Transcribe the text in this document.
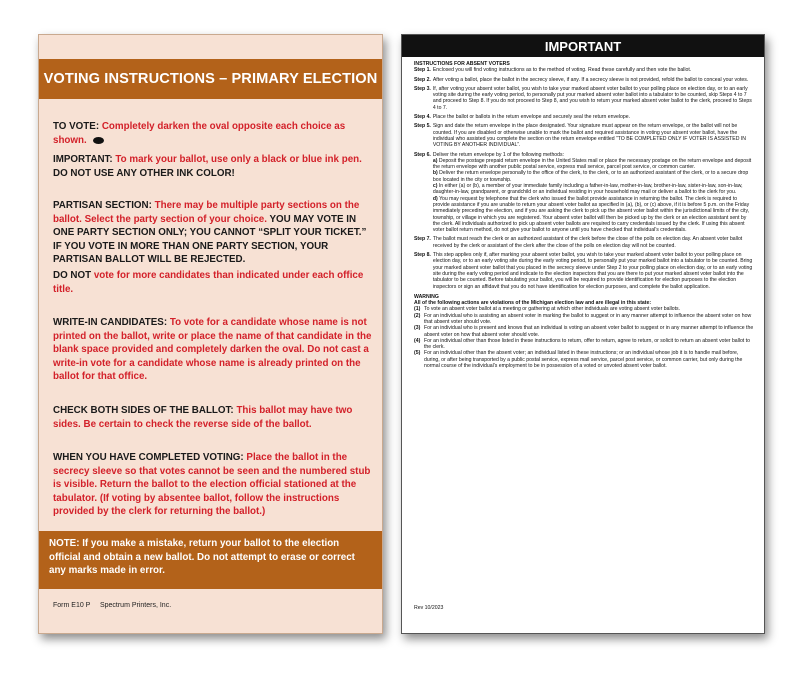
VOTING INSTRUCTIONS – PRIMARY ELECTION
TO VOTE: Completely darken the oval opposite each choice as shown.
IMPORTANT: To mark your ballot, use only a black or blue ink pen. DO NOT USE ANY OTHER INK COLOR!
PARTISAN SECTION: There may be multiple party sections on the ballot. Select the party section of your choice. YOU MAY VOTE IN ONE PARTY SECTION ONLY; YOU CANNOT “SPLIT YOUR TICKET.” IF YOU VOTE IN MORE THAN ONE PARTY SECTION, YOUR PARTISAN BALLOT WILL BE REJECTED.
DO NOT vote for more candidates than indicated under each office title.
WRITE-IN CANDIDATES: To vote for a candidate whose name is not printed on the ballot, write or place the name of that candidate in the blank space provided and completely darken the oval. Do not cast a write-in vote for a candidate whose name is already printed on the ballot for that office.
CHECK BOTH SIDES OF THE BALLOT: This ballot may have two sides. Be certain to check the reverse side of the ballot.
WHEN YOU HAVE COMPLETED VOTING: Place the ballot in the secrecy sleeve so that votes cannot be seen and the numbered stub is visible. Return the ballot to the election official stationed at the tabulator. (If voting by absentee ballot, follow the instructions provided by the clerk for returning the ballot.)
NOTE: If you make a mistake, return your ballot to the election official and obtain a new ballot. Do not attempt to erase or correct any marks made in error.
Form E10 P Spectrum Printers, Inc.
IMPORTANT
INSTRUCTIONS FOR ABSENT VOTERS
Step 1. Enclosed you will find voting instructions as to the method of voting. Read these carefully and then vote the ballot.
Step 2. After voting a ballot, place the ballot in the secrecy sleeve, if any. If a secrecy sleeve is not provided, refold the ballot to conceal your votes.
Step 3. If, after voting your absent voter ballot, you wish to take your marked absent voter ballot to your polling place on election day, or to an early voting site during the early voting period, to personally put your marked absent voter ballot into a tabulator to be counted, skip Steps 4 to 7 and proceed to Step 8. If you do not proceed to Step 8, and you wish to return your marked absent voter ballot to the clerk, proceed to Steps 4 to 7.
Step 4. Place the ballot or ballots in the return envelope and securely seal the return envelope.
Step 5. Sign and date the return envelope in the place designated. Your signature must appear on the return envelope, or the ballot will not be counted. If you are disabled or otherwise unable to mark the ballot and required assistance in voting your absent voter ballot, have the individual who assisted you complete the section on the return envelope entitled “TO BE COMPLETED ONLY IF VOTER IS ASSISTED IN VOTING BY ANOTHER INDIVIDUAL”.
Step 6. Deliver the return envelope by 1 of the following methods:
a) Deposit the postage prepaid return envelope in the United States mail or place the necessary postage on the return envelope and deposit the return envelope with another public postal service, express mail service, parcel post service, or common carrier.
b) Deliver the return envelope personally to the office of the clerk, to the clerk, or to an authorized assistant of the clerk, or to a secure drop box located in the city or township.
c) In either (a) or (b), a member of your immediate family including a father-in-law, mother-in-law, brother-in-law, sister-in-law, son-in-law, daughter-in-law, grandparent, or grandchild or an individual residing in your household may mail or deliver a ballot to the clerk for you.
d) You may request by telephone that the clerk who issued the ballot provide assistance in returning the ballot. The clerk is required to provide assistance if you are unable to return your absent voter ballot as specified in (a), (b), or (c) above, if it is before 5 p.m. on the Friday immediately preceding the election, and if you are asking the clerk to pick up the absent voter ballot within the jurisdictional limits of the city, township, or village in which you are registered. Your absent voter ballot will then be picked up by the clerk or an election assistant sent by the clerk. All individuals authorized to pick up absent voter ballots are required to carry credentials issued by the clerk. If using this absent voter ballot return method, do not give your ballot to anyone until you have checked that individual’s credentials.
Step 7. The ballot must reach the clerk or an authorized assistant of the clerk before the close of the polls on election day. An absent voter ballot received by the clerk or assistant of the clerk after the close of the polls on election day will not be counted.
Step 8. This step applies only if, after marking your absent voter ballot, you wish to take your marked absent voter ballot to your polling place on election day, or to an early voting site during the early voting period, to personally put your marked ballot into a tabulator to be counted. Bring your marked absent voter ballot that you placed in the secrecy sleeve under Step 2 to your polling place on election day, or to an early voting site during the early voting period and indicate to the election inspectors that you are there to put your marked absent voter ballot into the tabulator to be counted. Before tabulating your ballot, you will be required to provide identification for election purposes to the election inspectors or sign an affidavit that you do not have identification for election purposes, and complete the ballot application.
WARNING
All of the following actions are violations of the Michigan election law and are illegal in this state:
(1) To vote an absent voter ballot at a meeting or gathering at which other individuals are voting absent voter ballots.
(2) For an individual who is assisting an absent voter in marking the ballot to suggest or in any manner attempt to influence the absent voter on how that absent voter should vote.
(3) For an individual who is present and knows that an individual is voting an absent voter ballot to suggest or in any manner attempt to influence the absent voter on how that absent voter should vote.
(4) For an individual other than those listed in these instructions to return, offer to return, agree to return, or solicit to return an absent voter ballot to the clerk.
(5) For an individual other than the absent voter; an individual listed in these instructions; or an individual whose job it is to handle mail before, during, or after being transported by a public postal service, express mail service, parcel post service, or common carrier, but only during the normal course of the individual’s employment to be in possession of a voted or unvoted absent voter ballot.
Rev 10/2023
